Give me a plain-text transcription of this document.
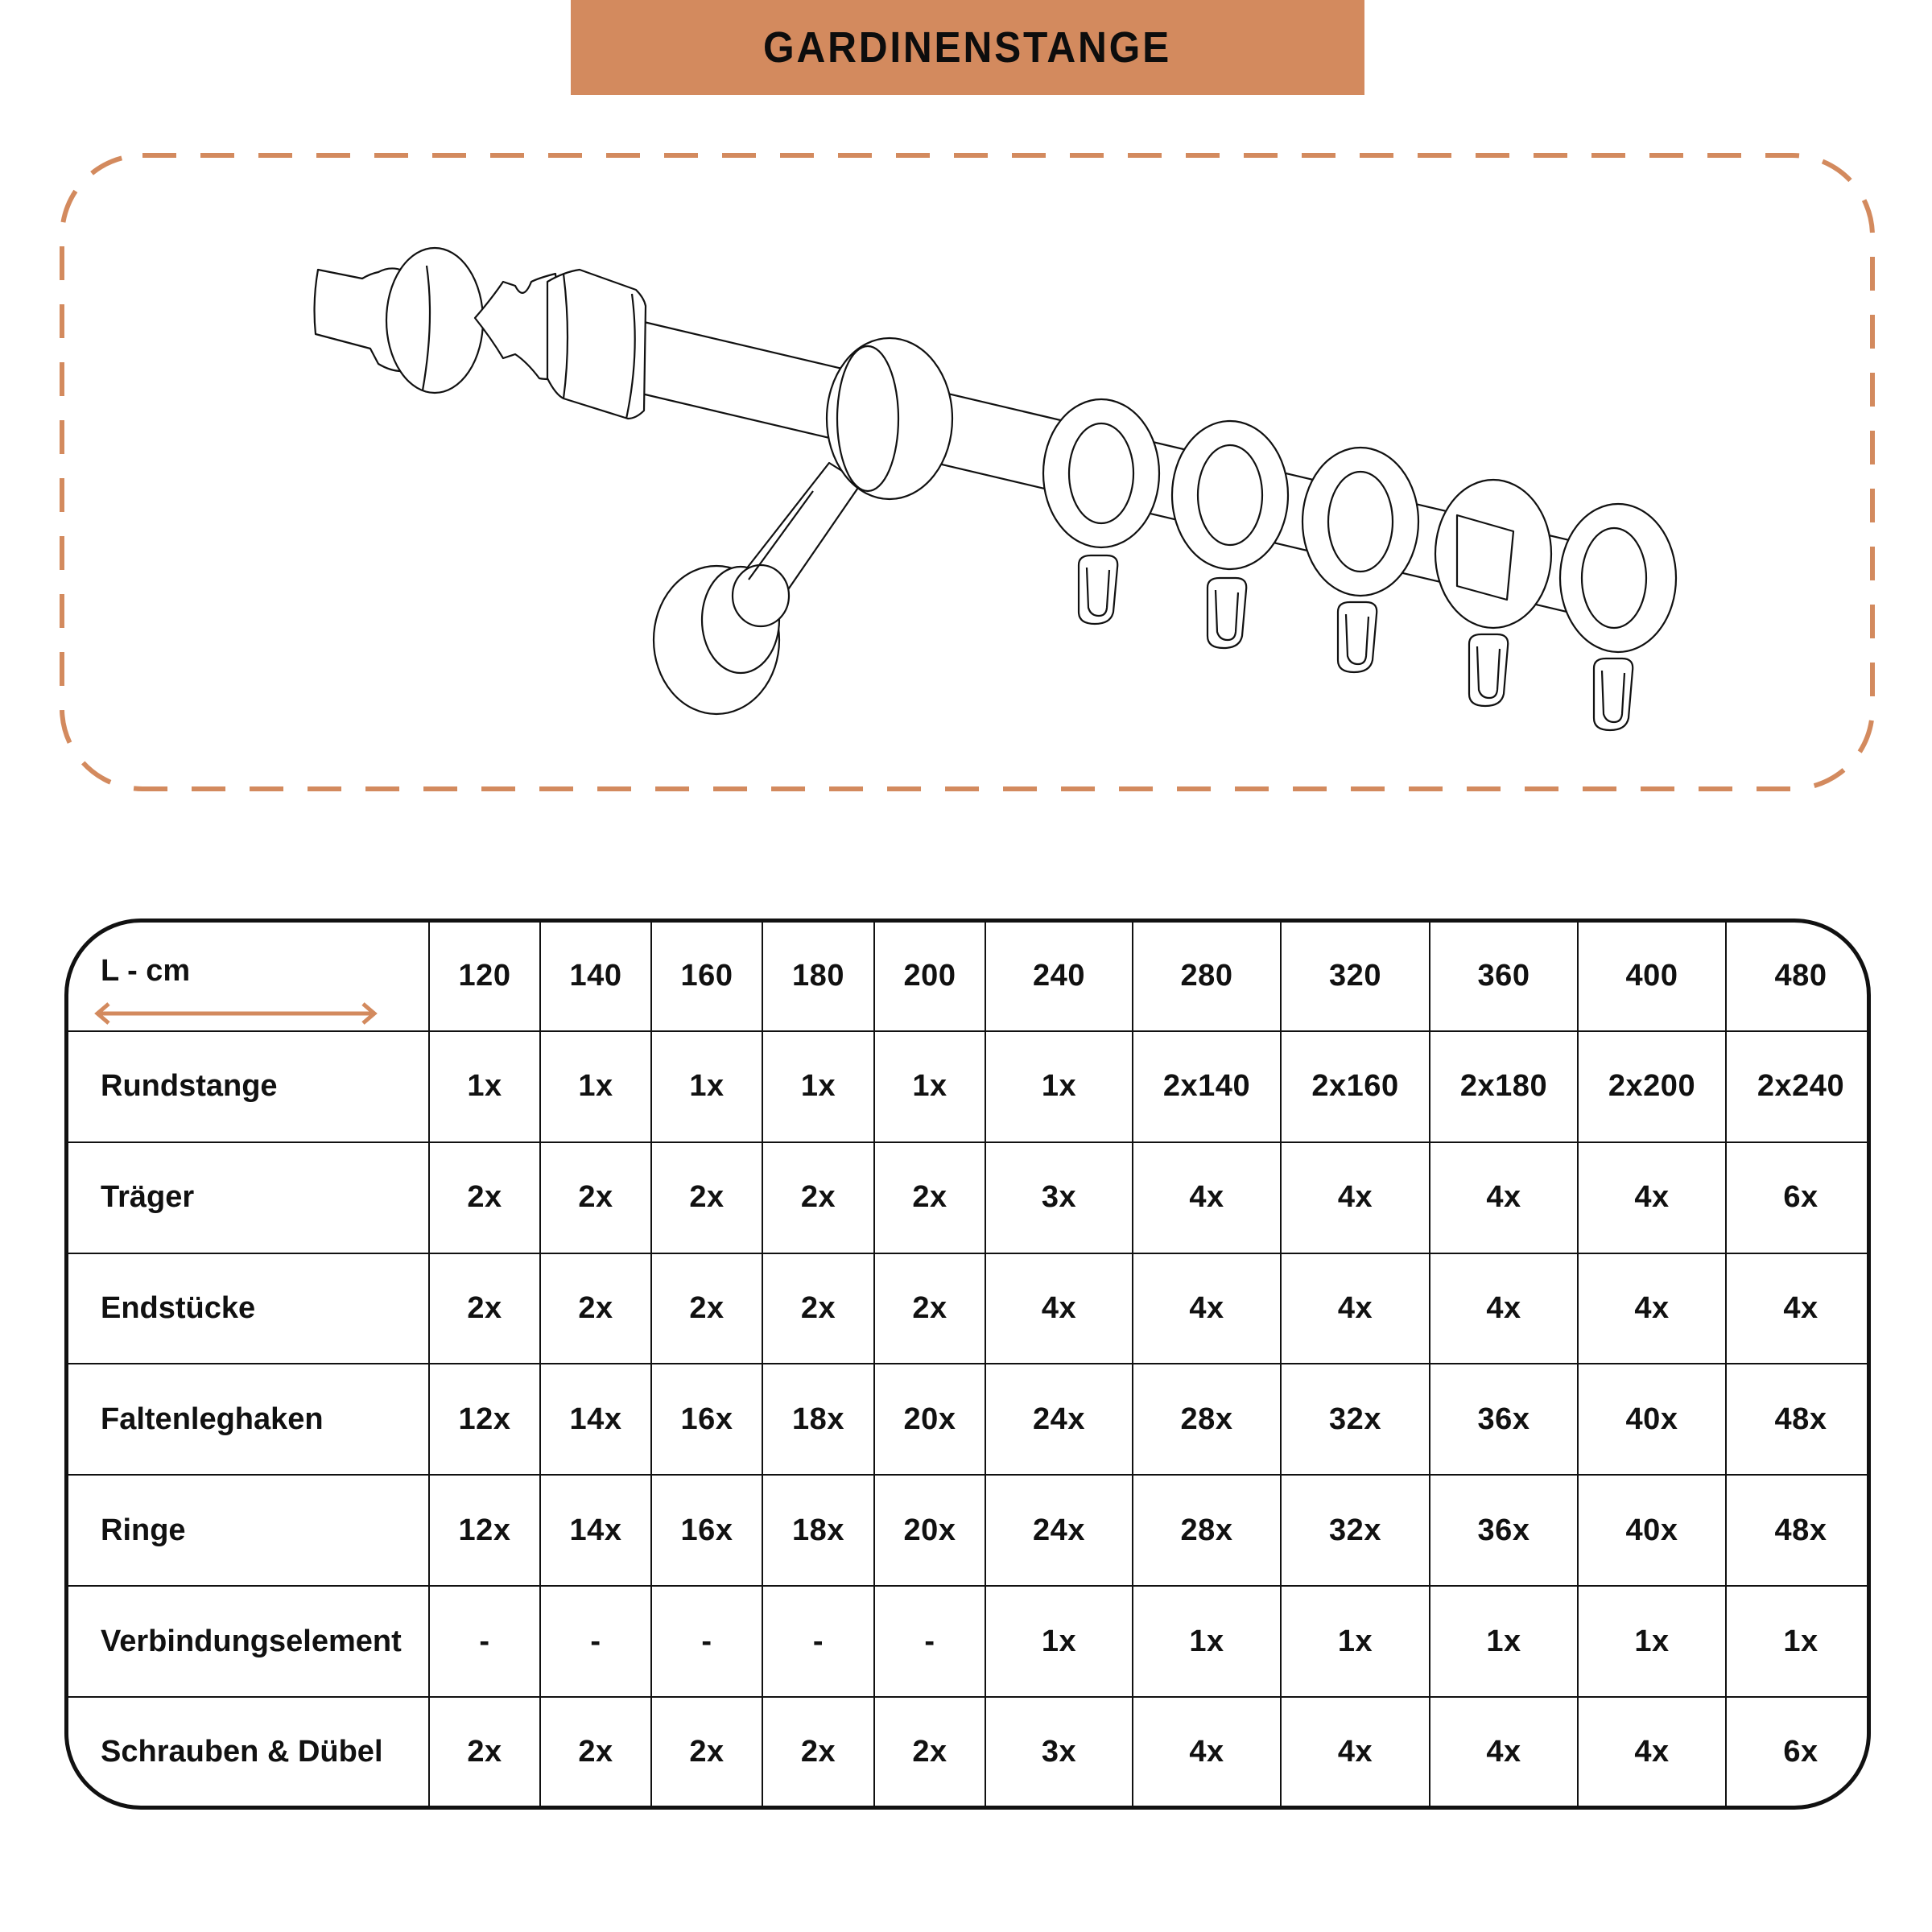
GARDINENSTANGE
L - cm	120	140	160	180	200	240	280	320	360	400	480
Rundstange	1x	1x	1x	1x	1x	1x	2x140	2x160	2x180	2x200	2x240
Träger	2x	2x	2x	2x	2x	3x	4x	4x	4x	4x	6x
Endstücke	2x	2x	2x	2x	2x	4x	4x	4x	4x	4x	4x
Faltenleghaken	12x	14x	16x	18x	20x	24x	28x	32x	36x	40x	48x
Ringe	12x	14x	16x	18x	20x	24x	28x	32x	36x	40x	48x
Verbindungselement	-	-	-	-	-	1x	1x	1x	1x	1x	1x
Schrauben & Dübel	2x	2x	2x	2x	2x	3x	4x	4x	4x	4x	6x
